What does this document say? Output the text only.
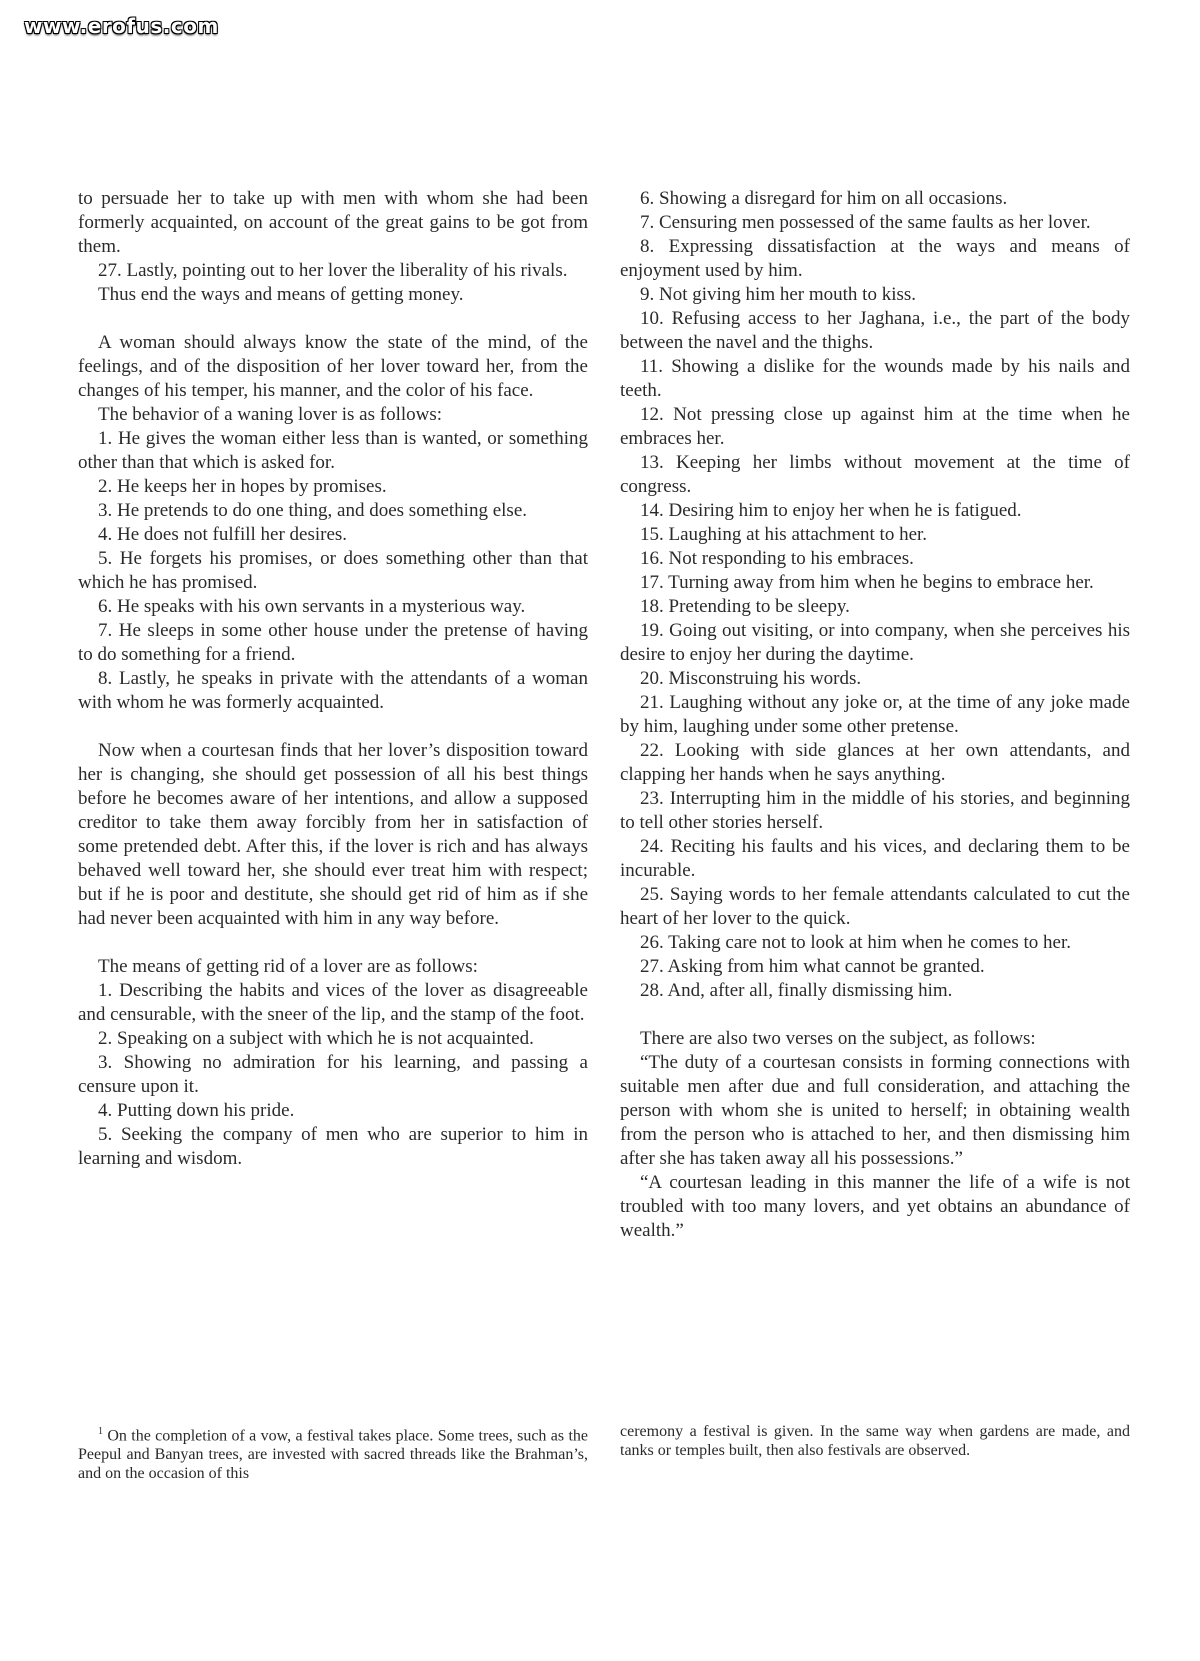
www.erofus.com

to persuade her to take up with men with whom she had been formerly acquainted, on account of the great gains to be got from them.

27. Lastly, pointing out to her lover the liberality of his rivals.

Thus end the ways and means of getting money.

A woman should always know the state of the mind, of the feelings, and of the disposition of her lover toward her, from the changes of his temper, his manner, and the color of his face.

The behavior of a waning lover is as follows:

1. He gives the woman either less than is wanted, or something other than that which is asked for.

2. He keeps her in hopes by promises.

3. He pretends to do one thing, and does something else.

4. He does not fulfill her desires.

5. He forgets his promises, or does something other than that which he has promised.

6. He speaks with his own servants in a mysterious way.

7. He sleeps in some other house under the pretense of having to do something for a friend.

8. Lastly, he speaks in private with the attendants of a woman with whom he was formerly acquainted.

Now when a courtesan finds that her lover’s disposition toward her is changing, she should get possession of all his best things before he becomes aware of her intentions, and allow a supposed creditor to take them away forcibly from her in satisfaction of some pretended debt. After this, if the lover is rich and has always behaved well toward her, she should ever treat him with respect; but if he is poor and destitute, she should get rid of him as if she had never been acquainted with him in any way before.

The means of getting rid of a lover are as follows:

1. Describing the habits and vices of the lover as disagreeable and censurable, with the sneer of the lip, and the stamp of the foot.

2. Speaking on a subject with which he is not acquainted.

3. Showing no admiration for his learning, and passing a censure upon it.

4. Putting down his pride.

5. Seeking the company of men who are superior to him in learning and wisdom.

6. Showing a disregard for him on all occasions.

7. Censuring men possessed of the same faults as her lover.

8. Expressing dissatisfaction at the ways and means of enjoyment used by him.

9. Not giving him her mouth to kiss.

10. Refusing access to her Jaghana, i.e., the part of the body between the navel and the thighs.

11. Showing a dislike for the wounds made by his nails and teeth.

12. Not pressing close up against him at the time when he embraces her.

13. Keeping her limbs without movement at the time of congress.

14. Desiring him to enjoy her when he is fatigued.

15. Laughing at his attachment to her.

16. Not responding to his embraces.

17. Turning away from him when he begins to embrace her.

18. Pretending to be sleepy.

19. Going out visiting, or into company, when she perceives his desire to enjoy her during the daytime.

20. Misconstruing his words.

21. Laughing without any joke or, at the time of any joke made by him, laughing under some other pretense.

22. Looking with side glances at her own attendants, and clapping her hands when he says anything.

23. Interrupting him in the middle of his stories, and beginning to tell other stories herself.

24. Reciting his faults and his vices, and declaring them to be incurable.

25. Saying words to her female attendants calculated to cut the heart of her lover to the quick.

26. Taking care not to look at him when he comes to her.

27. Asking from him what cannot be granted.

28. And, after all, finally dismissing him.

There are also two verses on the subject, as follows:

“The duty of a courtesan consists in forming connections with suitable men after due and full consideration, and attaching the person with whom she is united to herself; in obtaining wealth from the person who is attached to her, and then dismissing him after she has taken away all his possessions.”

“A courtesan leading in this manner the life of a wife is not troubled with too many lovers, and yet obtains an abundance of wealth.”

$^1$ On the completion of a vow, a festival takes place. Some trees, such as the Peepul and Banyan trees, are invested with sacred threads like the Brahman’s, and on the occasion of this
ceremony a festival is given. In the same way when gardens are made, and tanks or temples built, then also festivals are observed.
